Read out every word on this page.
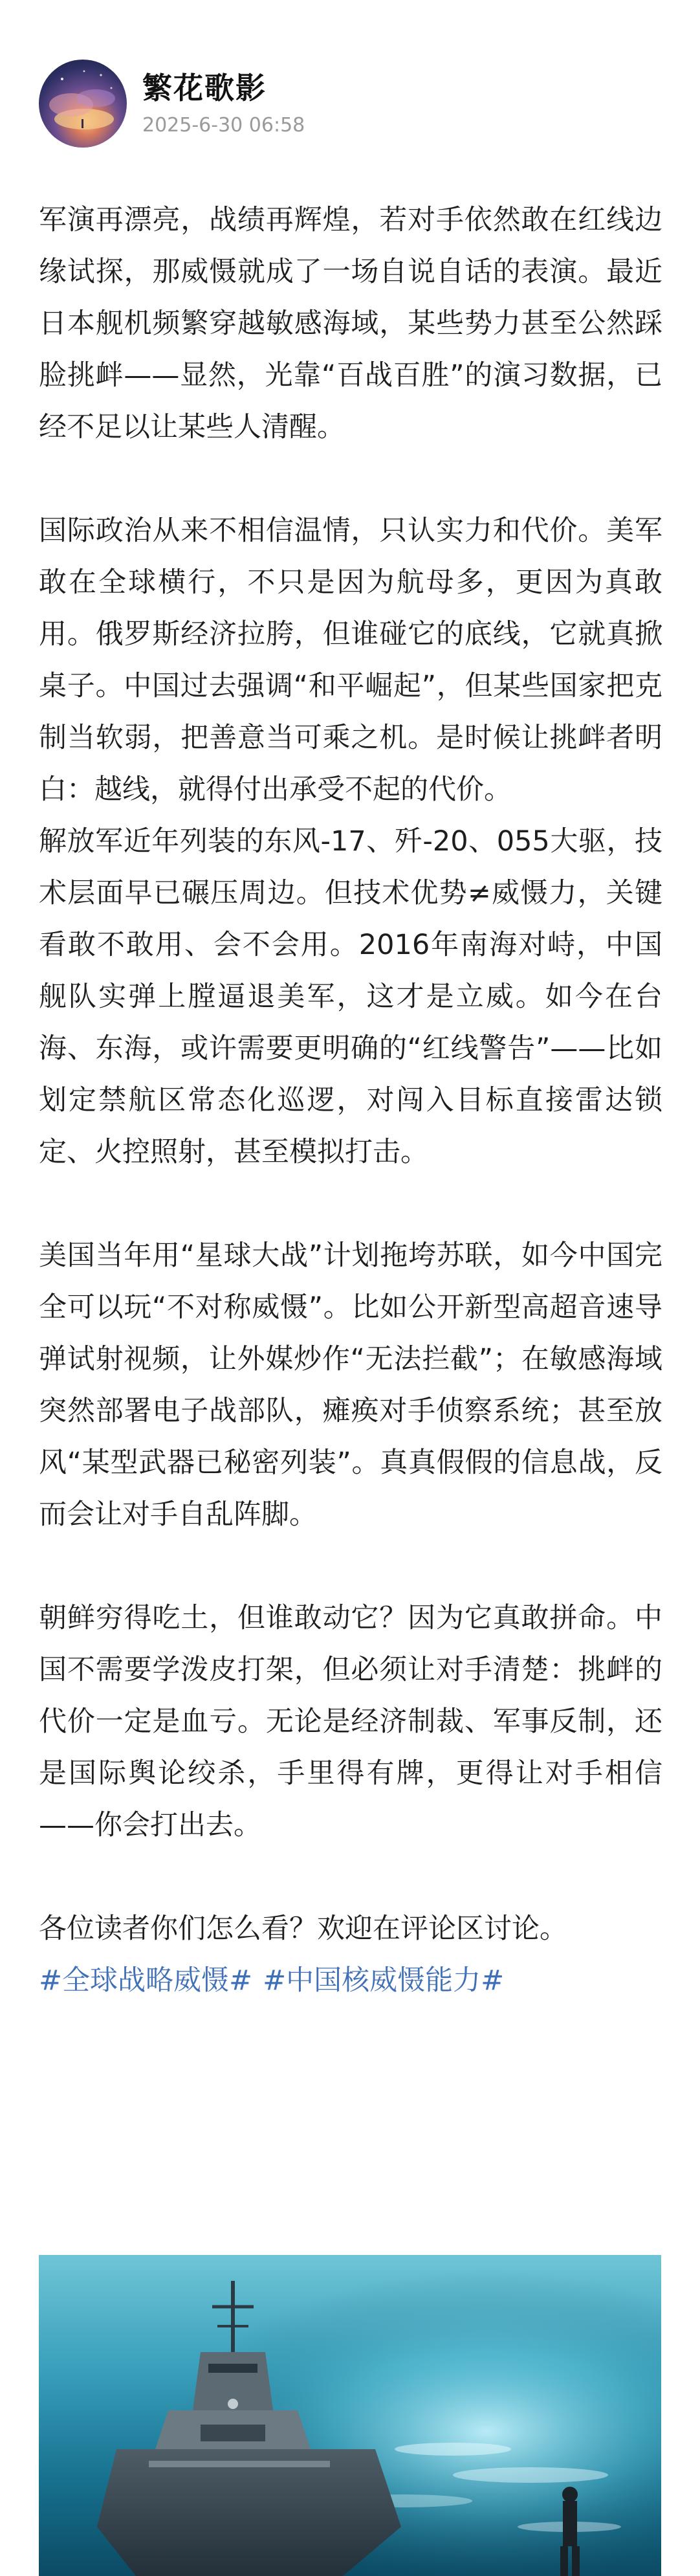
繁花歌影
2025-6-30 06:58

军演再漂亮，战绩再辉煌，若对手依然敢在红线边缘试探，那威慑就成了一场自说自话的表演。最近日本舰机频繁穿越敏感海域，某些势力甚至公然踩脸挑衅——显然，光靠“百战百胜”的演习数据，已经不足以让某些人清醒。

国际政治从来不相信温情，只认实力和代价。美军敢在全球横行，不只是因为航母多，更因为真敢用。俄罗斯经济拉胯，但谁碰它的底线，它就真掀桌子。中国过去强调“和平崛起”，但某些国家把克制当软弱，把善意当可乘之机。是时候让挑衅者明白：越线，就得付出承受不起的代价。

解放军近年列装的东风-17、歼-20、055大驱，技术层面早已碾压周边。但技术优势≠威慑力，关键看敢不敢用、会不会用。2016年南海对峙，中国舰队实弹上膛逼退美军，这才是立威。如今在台海、东海，或许需要更明确的“红线警告”——比如划定禁航区常态化巡逻，对闯入目标直接雷达锁定、火控照射，甚至模拟打击。

美国当年用“星球大战”计划拖垮苏联，如今中国完全可以玩“不对称威慑”。比如公开新型高超音速导弹试射视频，让外媒炒作“无法拦截”；在敏感海域突然部署电子战部队，瘫痪对手侦察系统；甚至放风“某型武器已秘密列装”。真真假假的信息战，反而会让对手自乱阵脚。

朝鲜穷得吃土，但谁敢动它？因为它真敢拼命。中国不需要学泼皮打架，但必须让对手清楚：挑衅的代价一定是血亏。无论是经济制裁、军事反制，还是国际舆论绞杀，手里得有牌，更得让对手相信——你会打出去。

各位读者你们怎么看？欢迎在评论区讨论。

#全球战略威慑# #中国核威慑能力#
